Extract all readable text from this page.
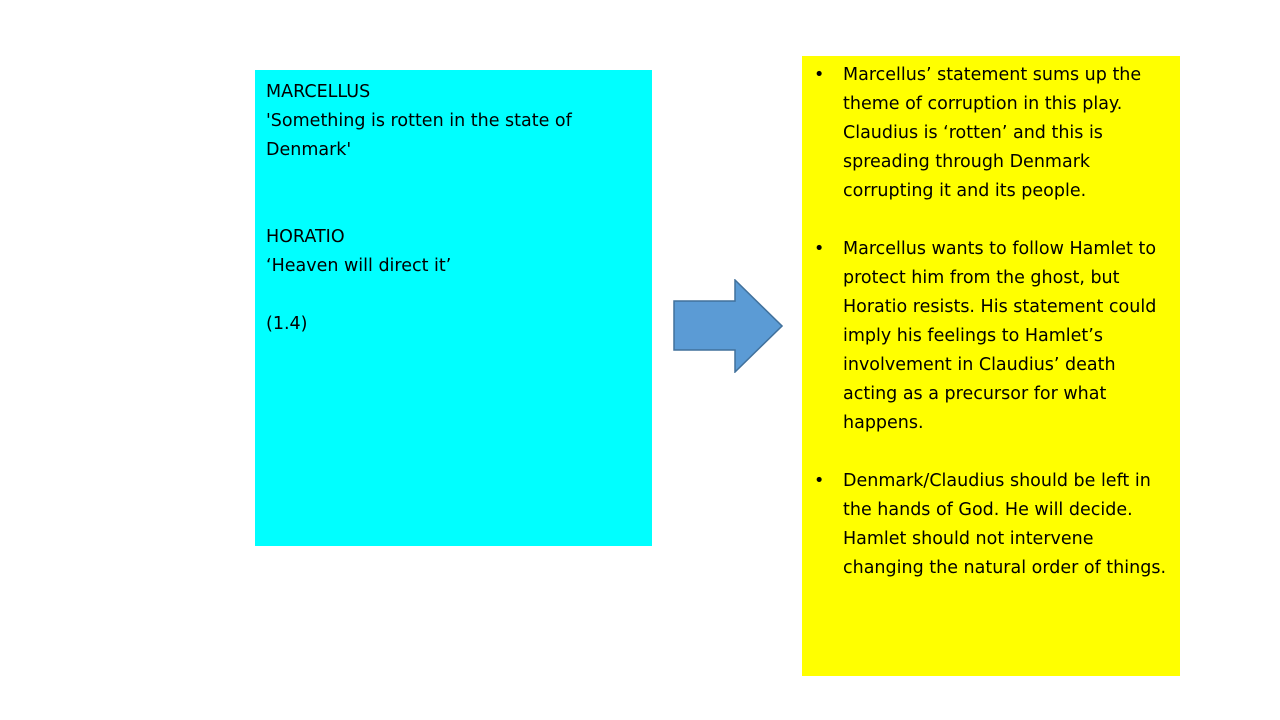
MARCELLUS
'Something is rotten in the state of Denmark'
HORATIO
‘Heaven will direct it’
(1.4)
• Marcellus’ statement sums up the theme of corruption in this play. Claudius is ‘rotten’ and this is spreading through Denmark corrupting it and its people.
• Marcellus wants to follow Hamlet to protect him from the ghost, but Horatio resists. His statement could imply his feelings to Hamlet’s involvement in Claudius’ death acting as a precursor for what happens.
• Denmark/Claudius should be left in the hands of God. He will decide. Hamlet should not intervene changing the natural order of things.
